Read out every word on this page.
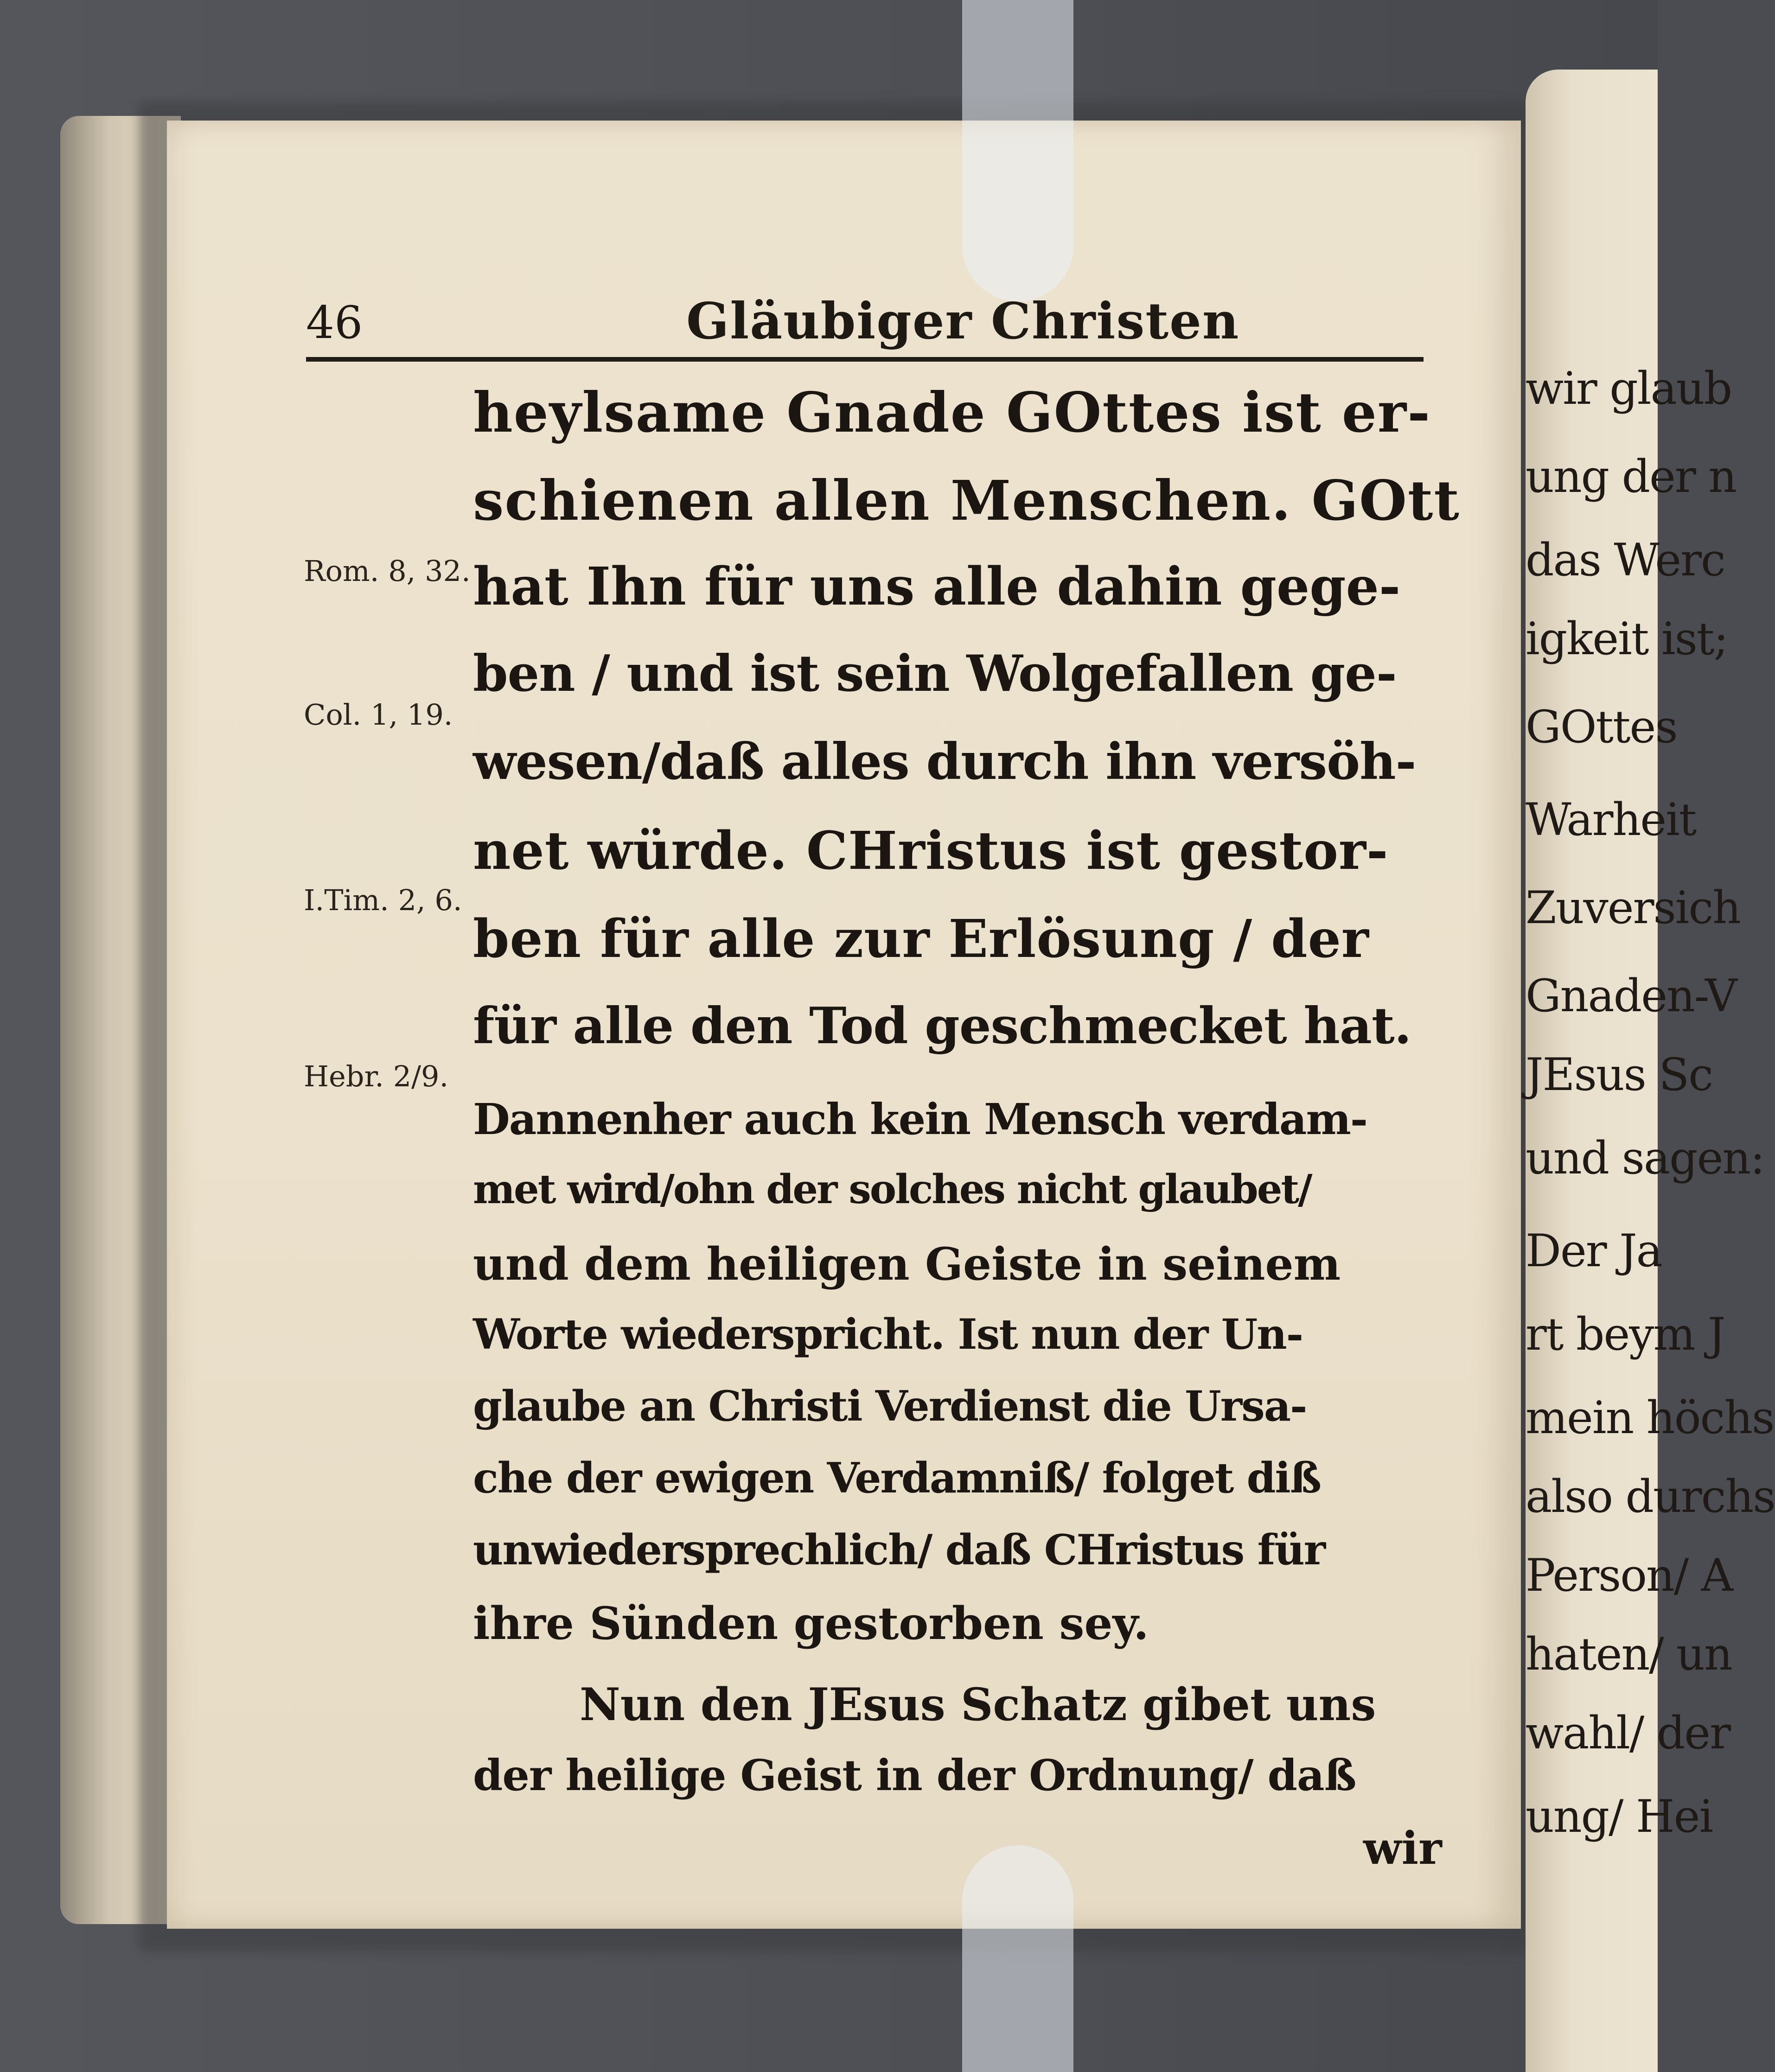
wir glaub
ung der n
das Werc
igkeit ist;
GOttes
Warheit
Zuversich
Gnaden-V
JEsus Sc
und sagen:
Der Ja
rt beym J
mein höchs
also durchs
Person/ A
haten/ un
wahl/ der
ung/ Hei
46	Gläubiger Christen
Rom. 8, 32.
Col. 1, 19.
I.Tim. 2, 6.
Hebr. 2/9.
heylsame Gnade GOttes ist er-
schienen allen Menschen. GOtt
hat Ihn für uns alle dahin gege-
ben / und ist sein Wolgefallen ge-
wesen/daß alles durch ihn versöh-
net würde. CHristus ist gestor-
ben für alle zur Erlösung / der
für alle den Tod geschmecket hat.
Dannenher auch kein Mensch verdam-
met wird/ohn der solches nicht glaubet/
und dem heiligen Geiste in seinem
Worte wiederspricht. Ist nun der Un-
glaube an Christi Verdienst die Ursa-
che der ewigen Verdamniß/ folget diß
unwiedersprechlich/ daß CHristus für
ihre Sünden gestorben sey.
Nun den JEsus Schatz gibet uns
der heilige Geist in der Ordnung/ daß
wir
